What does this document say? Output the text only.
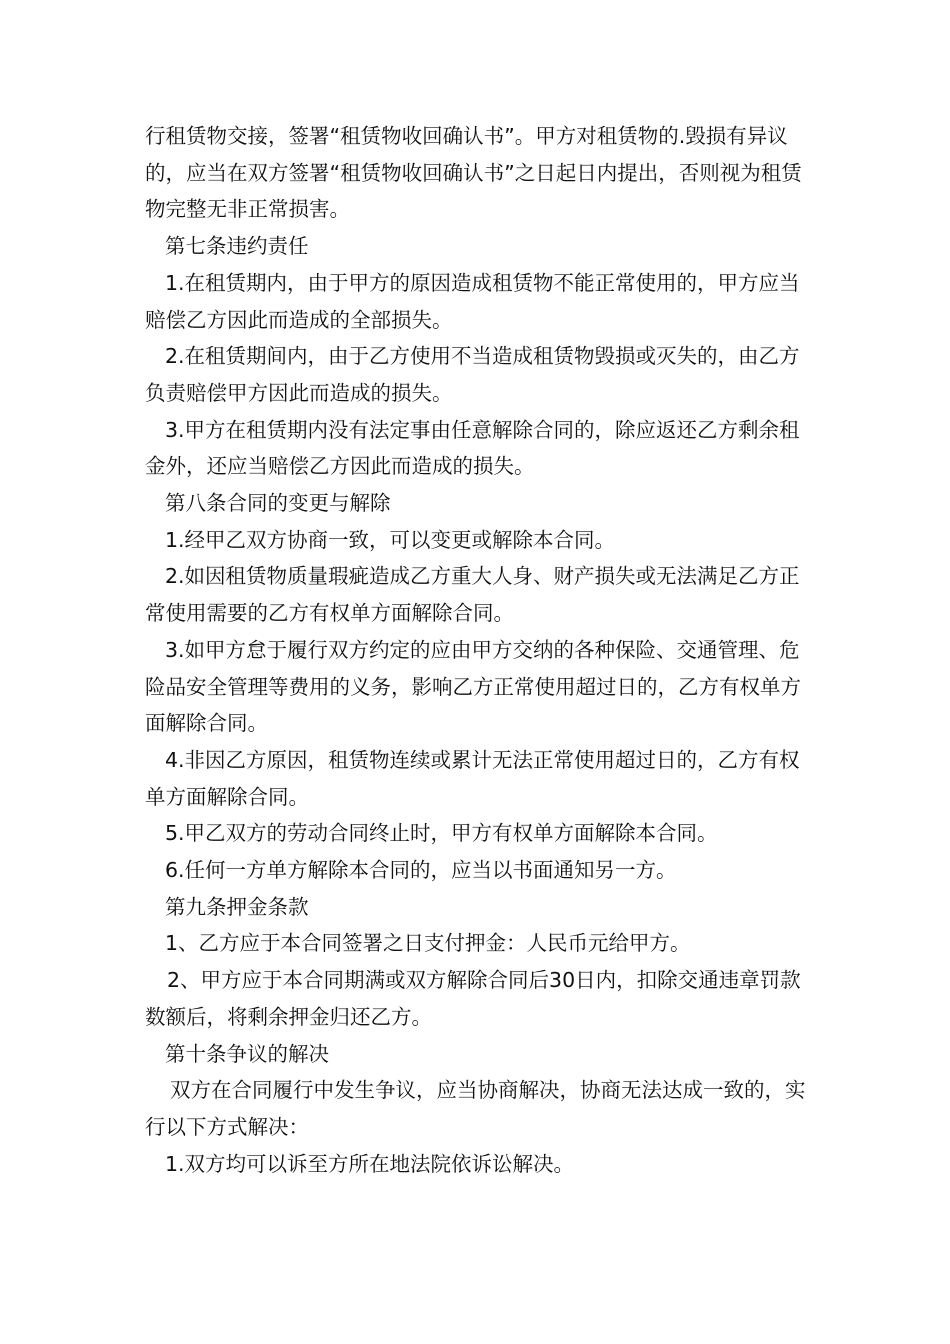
行租赁物交接，签署“租赁物收回确认书”。甲方对租赁物的.毁损有异议的，应当在双方签署“租赁物收回确认书”之日起日内提出，否则视为租赁物完整无非正常损害。

第七条违约责任

1.在租赁期内，由于甲方的原因造成租赁物不能正常使用的，甲方应当赔偿乙方因此而造成的全部损失。

2.在租赁期间内，由于乙方使用不当造成租赁物毁损或灭失的，由乙方负责赔偿甲方因此而造成的损失。

3.甲方在租赁期内没有法定事由任意解除合同的，除应返还乙方剩余租金外，还应当赔偿乙方因此而造成的损失。

第八条合同的变更与解除

1.经甲乙双方协商一致，可以变更或解除本合同。

2.如因租赁物质量瑕疵造成乙方重大人身、财产损失或无法满足乙方正常使用需要的乙方有权单方面解除合同。

3.如甲方怠于履行双方约定的应由甲方交纳的各种保险、交通管理、危险品安全管理等费用的义务，影响乙方正常使用超过日的，乙方有权单方面解除合同。

4.非因乙方原因，租赁物连续或累计无法正常使用超过日的，乙方有权单方面解除合同。

5.甲乙双方的劳动合同终止时，甲方有权单方面解除本合同。

6.任何一方单方解除本合同的，应当以书面通知另一方。

第九条押金条款

1、乙方应于本合同签署之日支付押金：人民币元给甲方。

2、甲方应于本合同期满或双方解除合同后30日内，扣除交通违章罚款数额后，将剩余押金归还乙方。

第十条争议的解决

双方在合同履行中发生争议，应当协商解决，协商无法达成一致的，实行以下方式解决：

1.双方均可以诉至方所在地法院依诉讼解决。
